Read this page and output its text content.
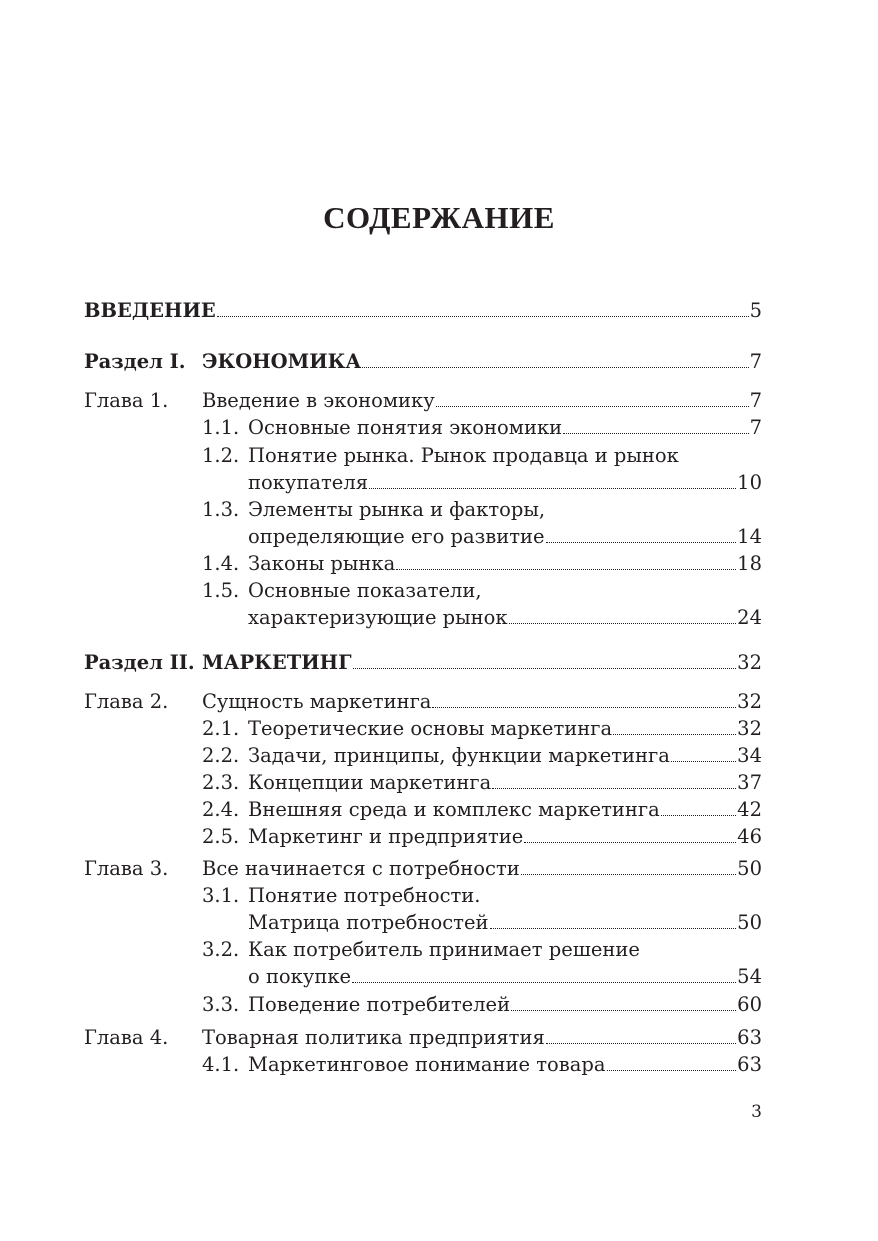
СОДЕРЖАНИЕ
ВВЕДЕНИЕ	5
Раздел I. ЭКОНОМИКА	7
Глава 1. Введение в экономику	7
1.1. Основные понятия экономики	7
1.2. Понятие рынка. Рынок продавца и рынок
покупателя	10
1.3. Элементы рынка и факторы,
определяющие его развитие	14
1.4. Законы рынка	18
1.5. Основные показатели,
характеризующие рынок	24
Раздел II. МАРКЕТИНГ	32
Глава 2. Сущность маркетинга	32
2.1. Теоретические основы маркетинга	32
2.2. Задачи, принципы, функции маркетинга	34
2.3. Концепции маркетинга	37
2.4. Внешняя среда и комплекс маркетинга	42
2.5. Маркетинг и предприятие	46
Глава 3. Все начинается с потребности	50
3.1. Понятие потребности.
Матрица потребностей	50
3.2. Как потребитель принимает решение
о покупке	54
3.3. Поведение потребителей	60
Глава 4. Товарная политика предприятия	63
4.1. Маркетинговое понимание товара	63
3
